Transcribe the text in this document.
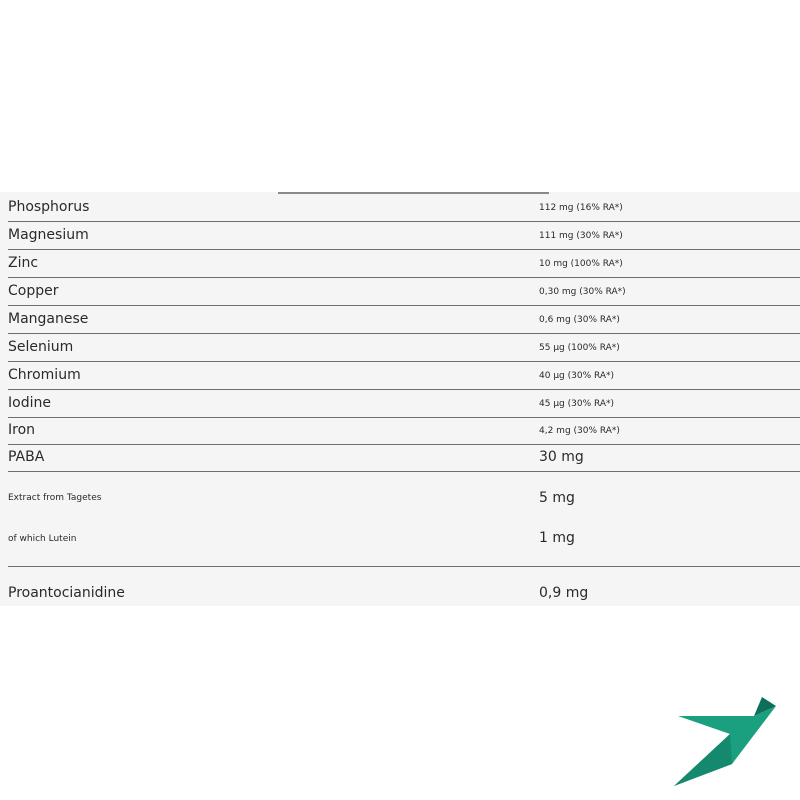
Phosphorus	112 mg (16% RA*)
Magnesium	111 mg (30% RA*)
Zinc	10 mg (100% RA*)
Copper	0,30 mg (30% RA*)
Manganese	0,6 mg (30% RA*)
Selenium	55 µg (100% RA*)
Chromium	40 µg (30% RA*)
Iodine	45 µg (30% RA*)
Iron	4,2 mg (30% RA*)
PABA	30 mg
Extract from Tagetes	5 mg
of which Lutein	1 mg
Proantocianidine	0,9 mg
